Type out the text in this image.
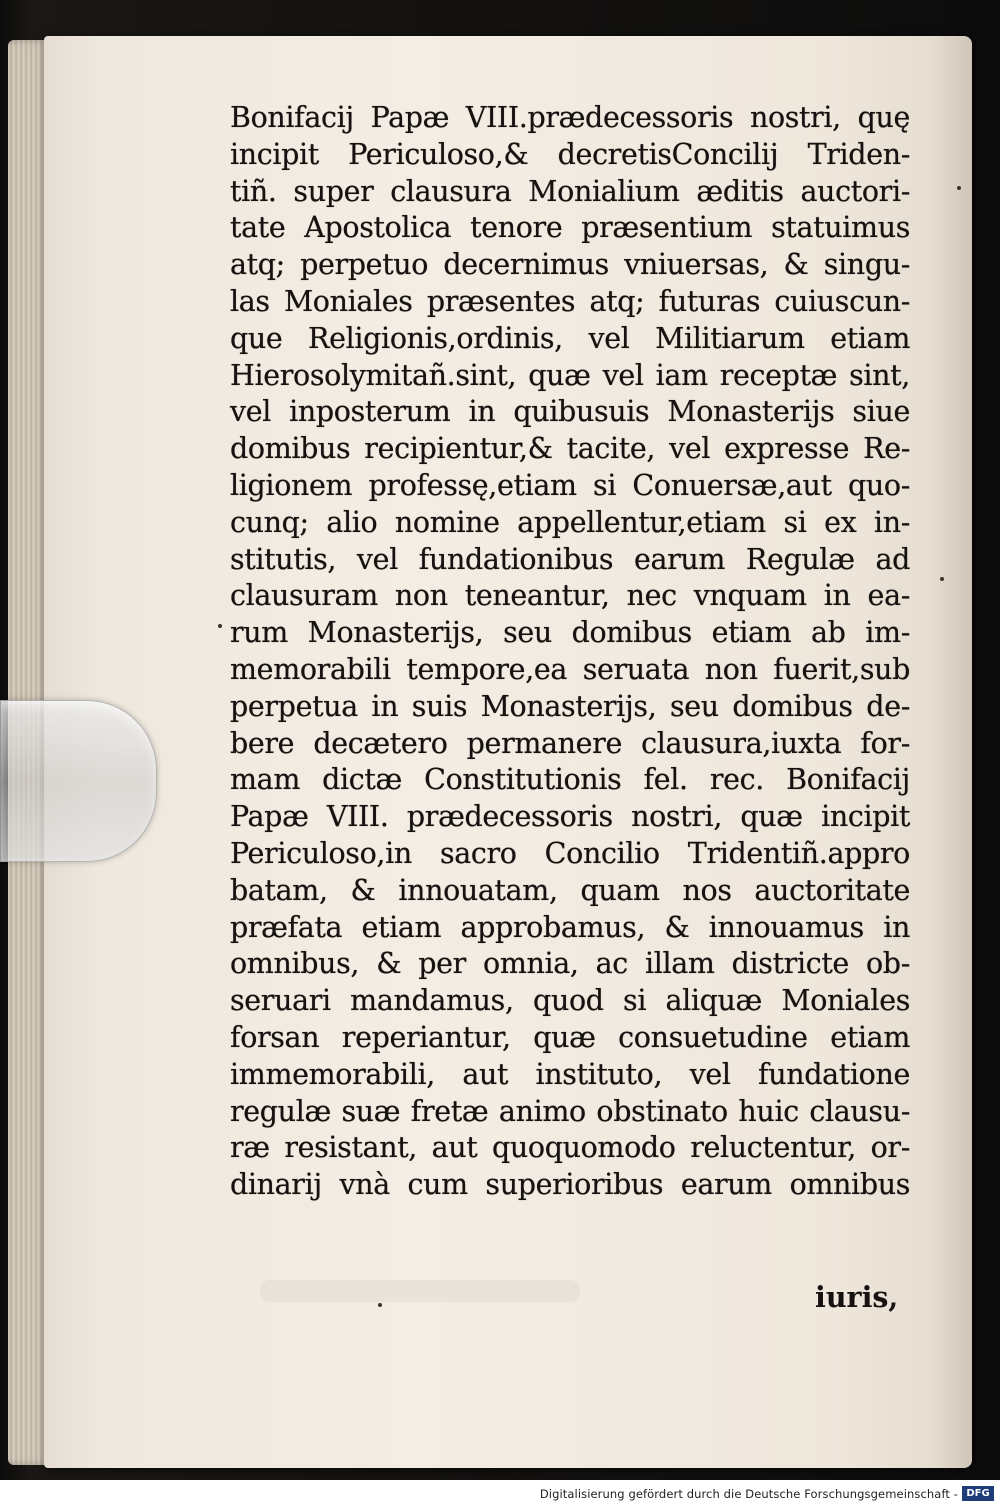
Bonifacij Papæ VIII.prædecessoris nostri, quę
incipit Periculoso,& decretisConcilij Triden-
tiñ. super clausura Monialium æditis auctori-
tate Apostolica tenore præsentium statuimus
atq; perpetuo decernimus vniuersas, & singu-
las Moniales præsentes atq; futuras cuiuscun-
que Religionis,ordinis, vel Militiarum etiam
Hierosolymitañ.sint, quæ vel iam receptæ sint,
vel inposterum in quibusuis Monasterijs siue
domibus recipientur,& tacite, vel expresse Re-
ligionem professę,etiam si Conuersæ,aut quo-
cunq; alio nomine appellentur,etiam si ex in-
stitutis, vel fundationibus earum Regulæ ad
clausuram non teneantur, nec vnquam in ea-
rum Monasterijs, seu domibus etiam ab im-
memorabili tempore,ea seruata non fuerit,sub
perpetua in suis Monasterijs, seu domibus de-
bere decætero permanere clausura,iuxta for-
mam dictæ Constitutionis fel. rec. Bonifacij
Papæ VIII. prædecessoris nostri, quæ incipit
Periculoso,in sacro Concilio Tridentiñ.appro
batam, & innouatam, quam nos auctoritate
præfata etiam approbamus, & innouamus in
omnibus, & per omnia, ac illam districte ob-
seruari mandamus, quod si aliquæ Moniales
forsan reperiantur, quæ consuetudine etiam
immemorabili, aut instituto, vel fundatione
regulæ suæ fretæ animo obstinato huic clausu-
ræ resistant, aut quoquomodo reluctentur, or-
dinarij vnà cum superioribus earum omnibus
iuris,
Digitalisierung gefördert durch die Deutsche Forschungsgemeinschaft - DFG
